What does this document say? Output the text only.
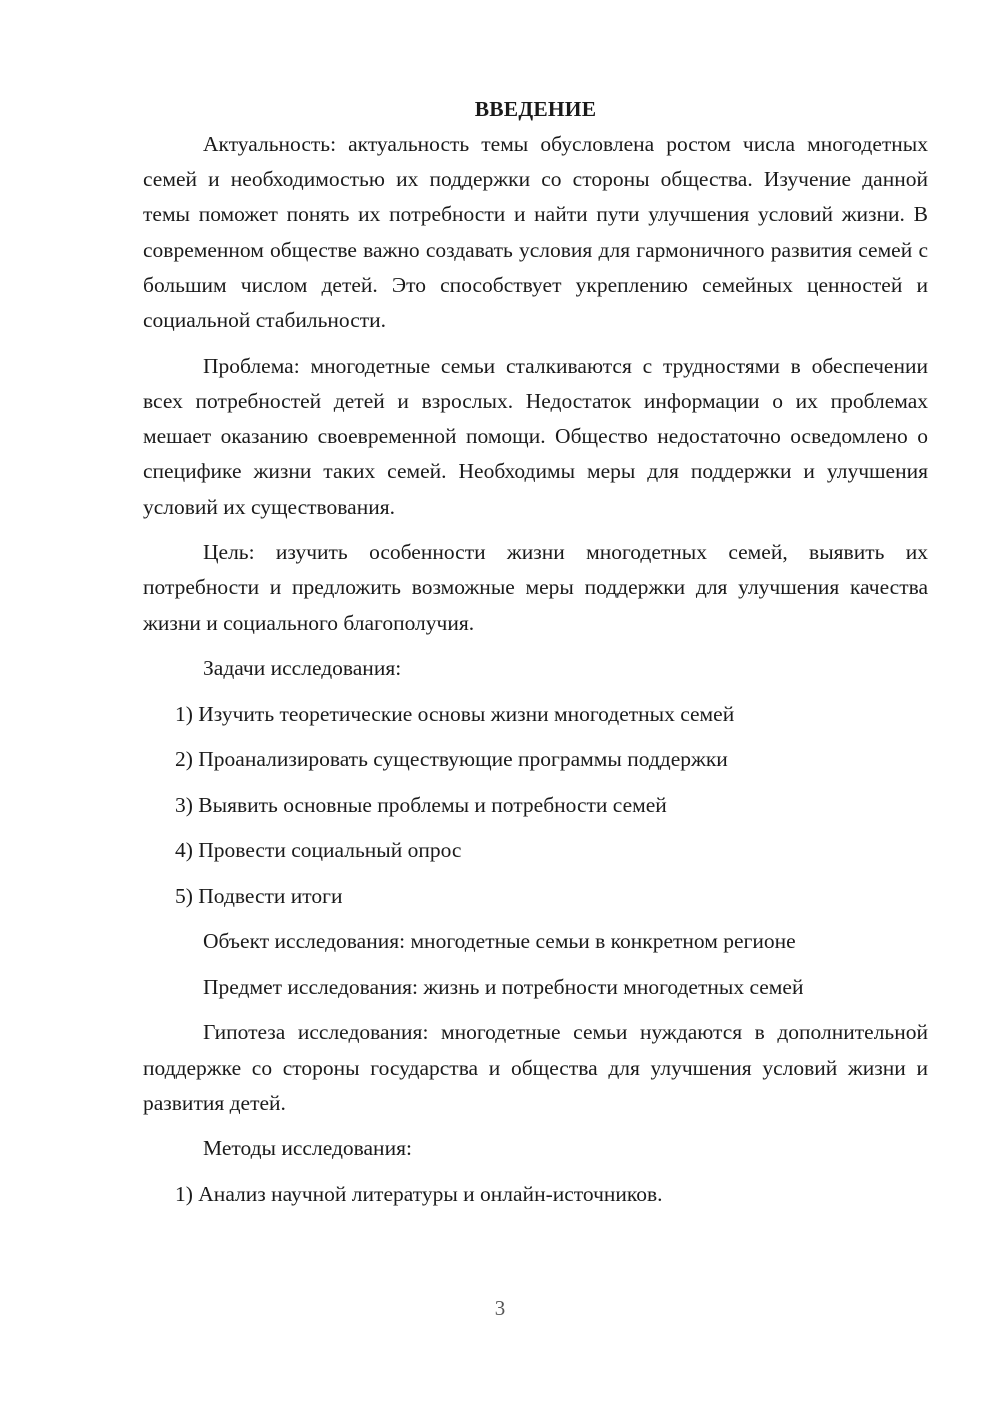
ВВЕДЕНИЕ

Актуальность: актуальность темы обусловлена ростом числа многодетных семей и необходимостью их поддержки со стороны общества. Изучение данной темы поможет понять их потребности и найти пути улучшения условий жизни. В современном обществе важно создавать условия для гармоничного развития семей с большим числом детей. Это способствует укреплению семейных ценностей и социальной стабильности.

Проблема: многодетные семьи сталкиваются с трудностями в обеспечении всех потребностей детей и взрослых. Недостаток информации о их проблемах мешает оказанию своевременной помощи. Общество недостаточно осведомлено о специфике жизни таких семей. Необходимы меры для поддержки и улучшения условий их существования.

Цель: изучить особенности жизни многодетных семей, выявить их потребности и предложить возможные меры поддержки для улучшения качества жизни и социального благополучия.

Задачи исследования:
1) Изучить теоретические основы жизни многодетных семей
2) Проанализировать существующие программы поддержки
3) Выявить основные проблемы и потребности семей
4) Провести социальный опрос
5) Подвести итоги
Объект исследования: многодетные семьи в конкретном регионе
Предмет исследования: жизнь и потребности многодетных семей

Гипотеза исследования: многодетные семьи нуждаются в дополнительной поддержке со стороны государства и общества для улучшения условий жизни и развития детей.

Методы исследования:
1) Анализ научной литературы и онлайн-источников.
3
